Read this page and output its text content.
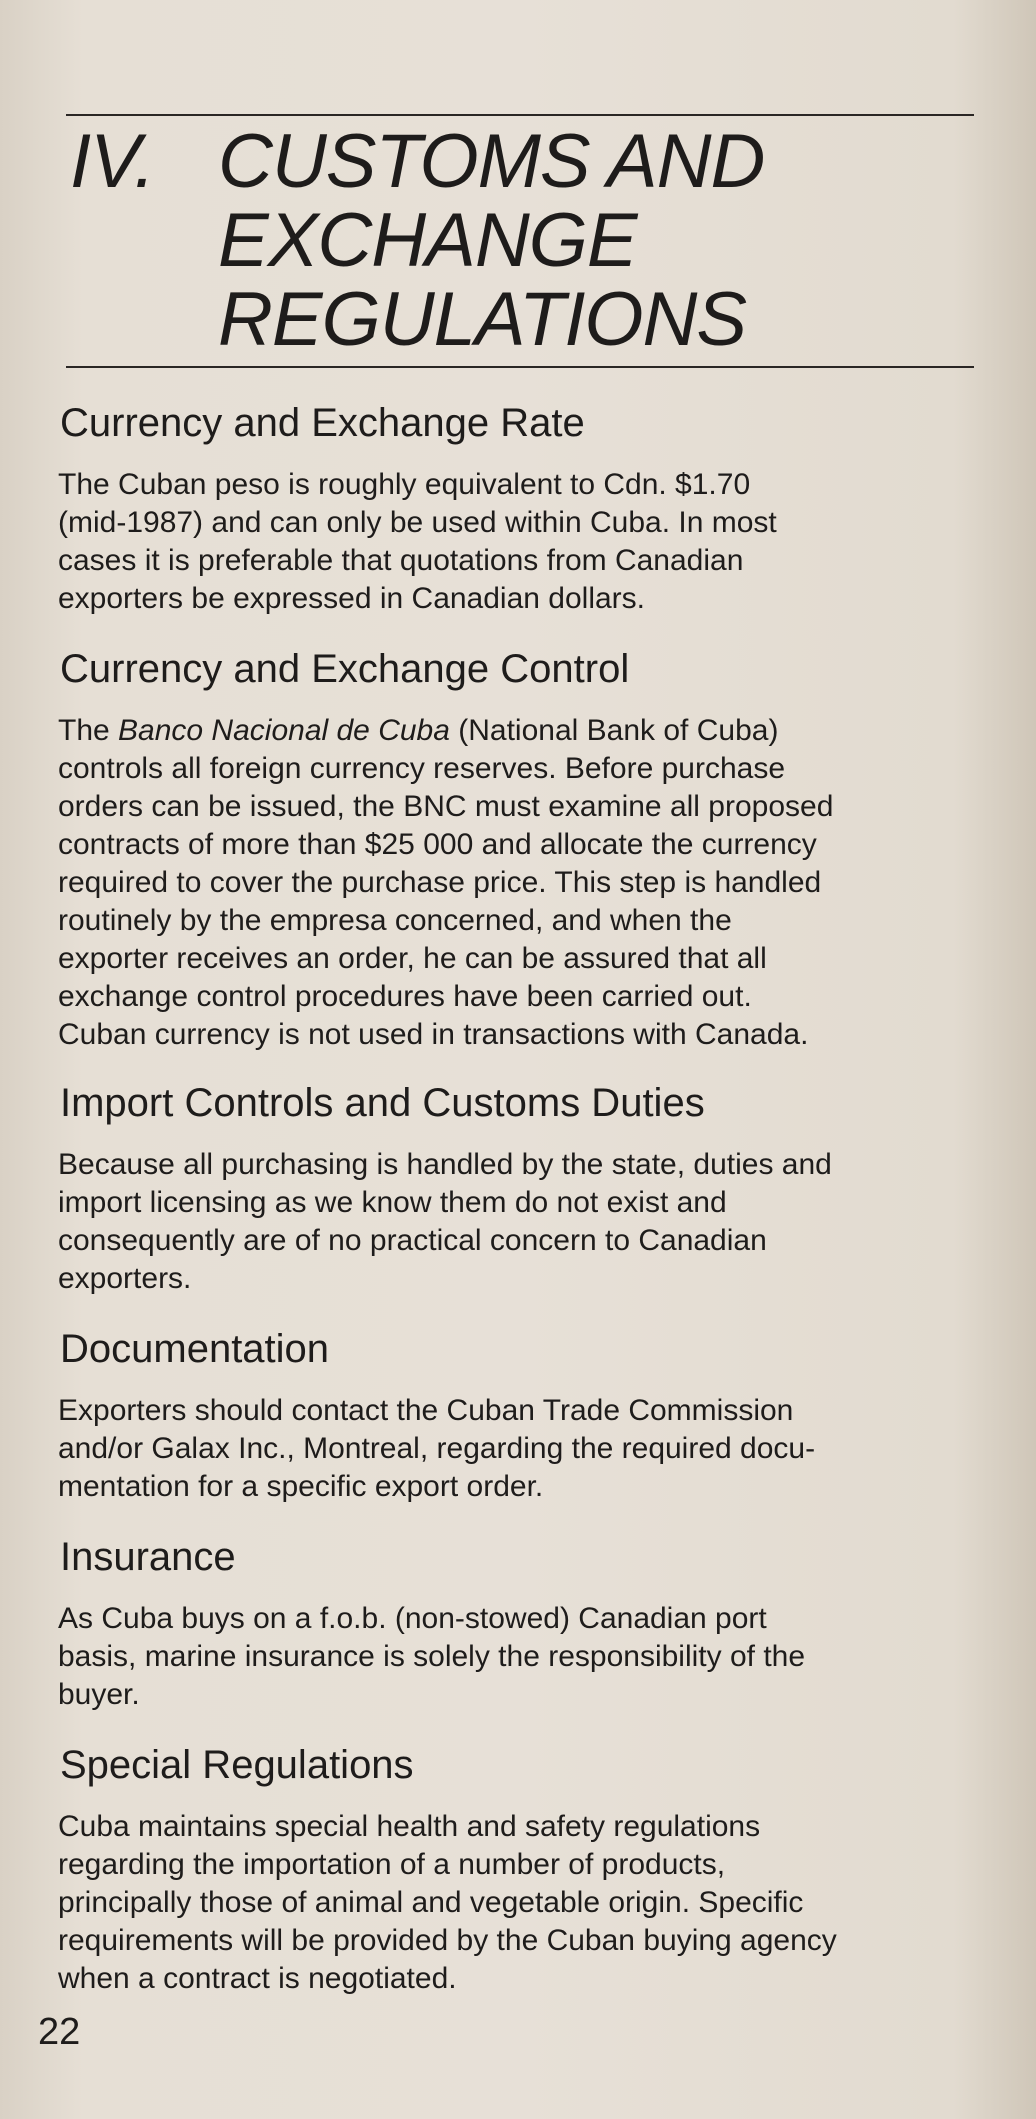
IV. CUSTOMS AND
EXCHANGE
REGULATIONS
Currency and Exchange Rate

The Cuban peso is roughly equivalent to Cdn. $1.70
(mid-1987) and can only be used within Cuba. In most
cases it is preferable that quotations from Canadian
exporters be expressed in Canadian dollars.

Currency and Exchange Control

The Banco Nacional de Cuba (National Bank of Cuba)
controls all foreign currency reserves. Before purchase
orders can be issued, the BNC must examine all proposed
contracts of more than $25 000 and allocate the currency
required to cover the purchase price. This step is handled
routinely by the empresa concerned, and when the
exporter receives an order, he can be assured that all
exchange control procedures have been carried out.
Cuban currency is not used in transactions with Canada.

Import Controls and Customs Duties

Because all purchasing is handled by the state, duties and
import licensing as we know them do not exist and
consequently are of no practical concern to Canadian
exporters.

Documentation

Exporters should contact the Cuban Trade Commission
and/or Galax Inc., Montreal, regarding the required docu-
mentation for a specific export order.

Insurance

As Cuba buys on a f.o.b. (non-stowed) Canadian port
basis, marine insurance is solely the responsibility of the
buyer.

Special Regulations

Cuba maintains special health and safety regulations
regarding the importation of a number of products,
principally those of animal and vegetable origin. Specific
requirements will be provided by the Cuban buying agency
when a contract is negotiated.

22
